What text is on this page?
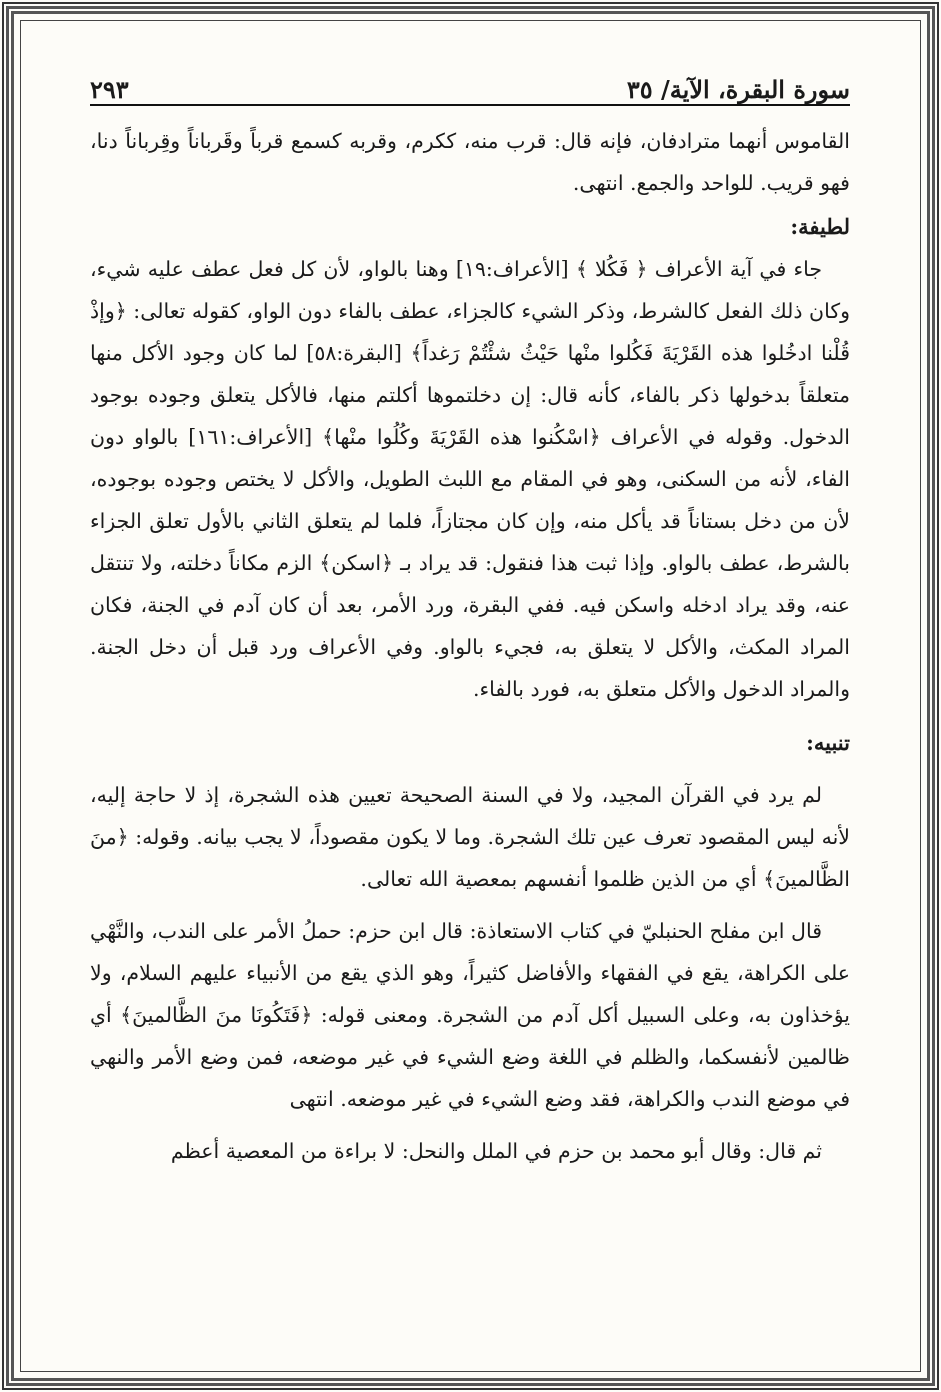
سورة البقرة، الآية/ ٣٥
٢٩٣

القاموس أنهما مترادفان، فإنه قال: قرب منه، ككرم، وقربه كسمع قرباً وقَرباناً وقِرباناً دنا، فهو قريب. للواحد والجمع. انتهى.

لطيفة:

جاء في آية الأعراف ﴿ فَكُلا ﴾ [الأعراف:١٩] وهنا بالواو، لأن كل فعل عطف عليه شيء، وكان ذلك الفعل كالشرط، وذكر الشيء كالجزاء، عطف بالفاء دون الواو، كقوله تعالى: ﴿وإذْ قُلْنا ادخُلوا هذه القَرْيَةَ فَكُلوا منْها حَيْثُ شئْتُمْ رَغداً﴾ [البقرة:٥٨] لما كان وجود الأكل منها متعلقاً بدخولها ذكر بالفاء، كأنه قال: إن دخلتموها أكلتم منها، فالأكل يتعلق وجوده بوجود الدخول. وقوله في الأعراف ﴿اسْكُنوا هذه القَرْيَةَ وكُلُوا منْها﴾ [الأعراف:١٦١] بالواو دون الفاء، لأنه من السكنى، وهو في المقام مع اللبث الطويل، والأكل لا يختص وجوده بوجوده، لأن من دخل بستاناً قد يأكل منه، وإن كان مجتازاً، فلما لم يتعلق الثاني بالأول تعلق الجزاء بالشرط، عطف بالواو. وإذا ثبت هذا فنقول: قد يراد بـ ﴿اسكن﴾ الزم مكاناً دخلته، ولا تنتقل عنه، وقد يراد ادخله واسكن فيه. ففي البقرة، ورد الأمر، بعد أن كان آدم في الجنة، فكان المراد المكث، والأكل لا يتعلق به، فجيء بالواو. وفي الأعراف ورد قبل أن دخل الجنة. والمراد الدخول والأكل متعلق به، فورد بالفاء.

تنبيه:

لم يرد في القرآن المجيد، ولا في السنة الصحيحة تعيين هذه الشجرة، إذ لا حاجة إليه، لأنه ليس المقصود تعرف عين تلك الشجرة. وما لا يكون مقصوداً، لا يجب بيانه. وقوله: ﴿منَ الظَّالمينَ﴾ أي من الذين ظلموا أنفسهم بمعصية الله تعالى.

قال ابن مفلح الحنبليّ في كتاب الاستعاذة: قال ابن حزم: حملُ الأمر على الندب، والنَّهْي على الكراهة، يقع في الفقهاء والأفاضل كثيراً، وهو الذي يقع من الأنبياء عليهم السلام، ولا يؤخذاون به، وعلى السبيل أكل آدم من الشجرة. ومعنى قوله: ﴿فَتَكُونَا منَ الظَّالمينَ﴾ أي ظالمين لأنفسكما، والظلم في اللغة وضع الشيء في غير موضعه، فمن وضع الأمر والنهي في موضع الندب والكراهة، فقد وضع الشيء في غير موضعه. انتهى

ثم قال: وقال أبو محمد بن حزم في الملل والنحل: لا براءة من المعصية أعظم
